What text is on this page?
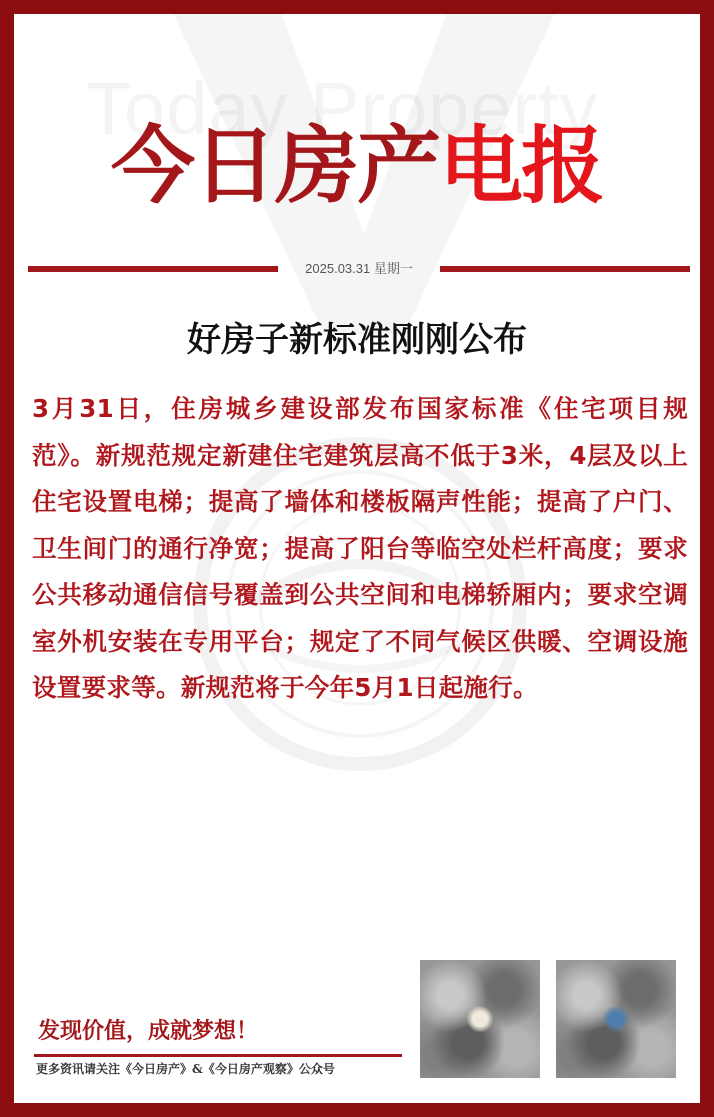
今日房产电报
2025.03.31 星期一
好房子新标准刚刚公布
3月31日，住房城乡建设部发布国家标准《住宅项目规范》。新规范规定新建住宅建筑层高不低于3米，4层及以上住宅设置电梯；提高了墙体和楼板隔声性能；提高了户门、卫生间门的通行净宽；提高了阳台等临空处栏杆高度；要求公共移动通信信号覆盖到公共空间和电梯轿厢内；要求空调室外机安装在专用平台；规定了不同气候区供暖、空调设施设置要求等。新规范将于今年5月1日起施行。
发现价值，成就梦想！
更多资讯请关注《今日房产》&《今日房产观察》公众号
